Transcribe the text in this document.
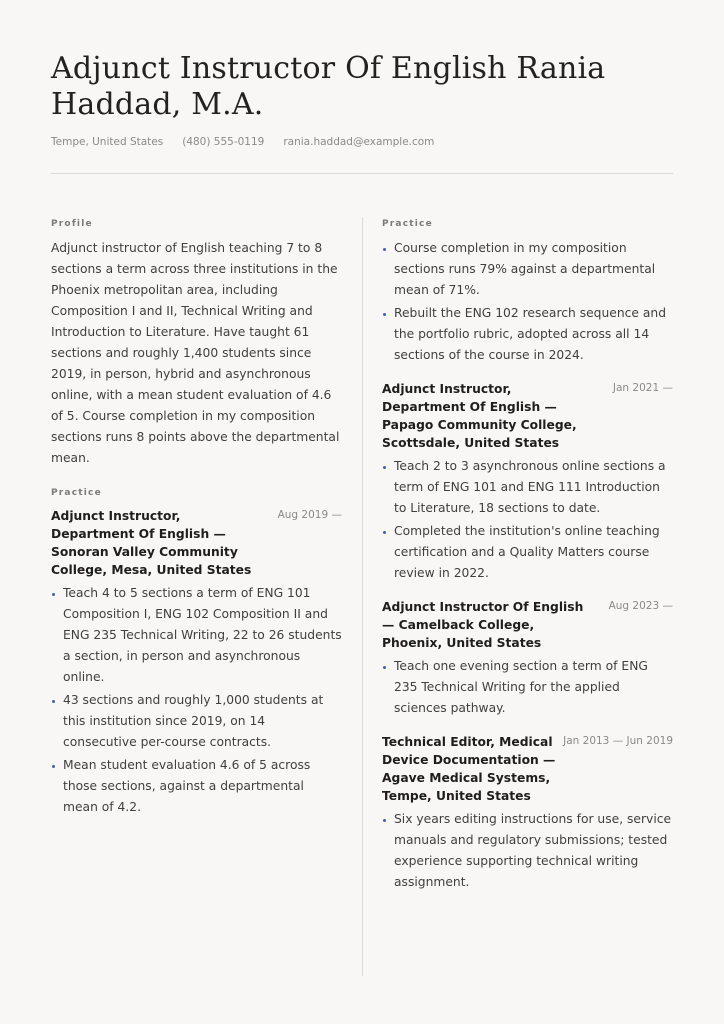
Adjunct Instructor Of English Rania Haddad, M.A.
Tempe, United States (480) 555-0119 rania.haddad@example.com
Profile

Adjunct instructor of English teaching 7 to 8 sections a term across three institutions in the Phoenix metropolitan area, including Composition I and II, Technical Writing and Introduction to Literature. Have taught 61 sections and roughly 1,400 students since 2019, in person, hybrid and asynchronous online, with a mean student evaluation of 4.6 of 5. Course completion in my composition sections runs 8 points above the departmental mean.

Practice
Adjunct Instructor, Department Of English — Sonoran Valley Community College, Mesa, United States
Aug 2019 —
Teach 4 to 5 sections a term of ENG 101 Composition I, ENG 102 Composition II and ENG 235 Technical Writing, 22 to 26 students a section, in person and asynchronous online.
43 sections and roughly 1,000 students at this institution since 2019, on 14 consecutive per-course contracts.
Mean student evaluation 4.6 of 5 across those sections, against a departmental mean of 4.2.
Practice
Course completion in my composition sections runs 79% against a departmental mean of 71%.
Rebuilt the ENG 102 research sequence and the portfolio rubric, adopted across all 14 sections of the course in 2024.
Adjunct Instructor, Department Of English — Papago Community College, Scottsdale, United States
Jan 2021 —
Teach 2 to 3 asynchronous online sections a term of ENG 101 and ENG 111 Introduction to Literature, 18 sections to date.
Completed the institution's online teaching certification and a Quality Matters course review in 2022.
Adjunct Instructor Of English — Camelback College, Phoenix, United States
Aug 2023 —
Teach one evening section a term of ENG 235 Technical Writing for the applied sciences pathway.
Technical Editor, Medical Device Documentation — Agave Medical Systems, Tempe, United States
Jan 2013 — Jun 2019
Six years editing instructions for use, service manuals and regulatory submissions; tested experience supporting technical writing assignment.
